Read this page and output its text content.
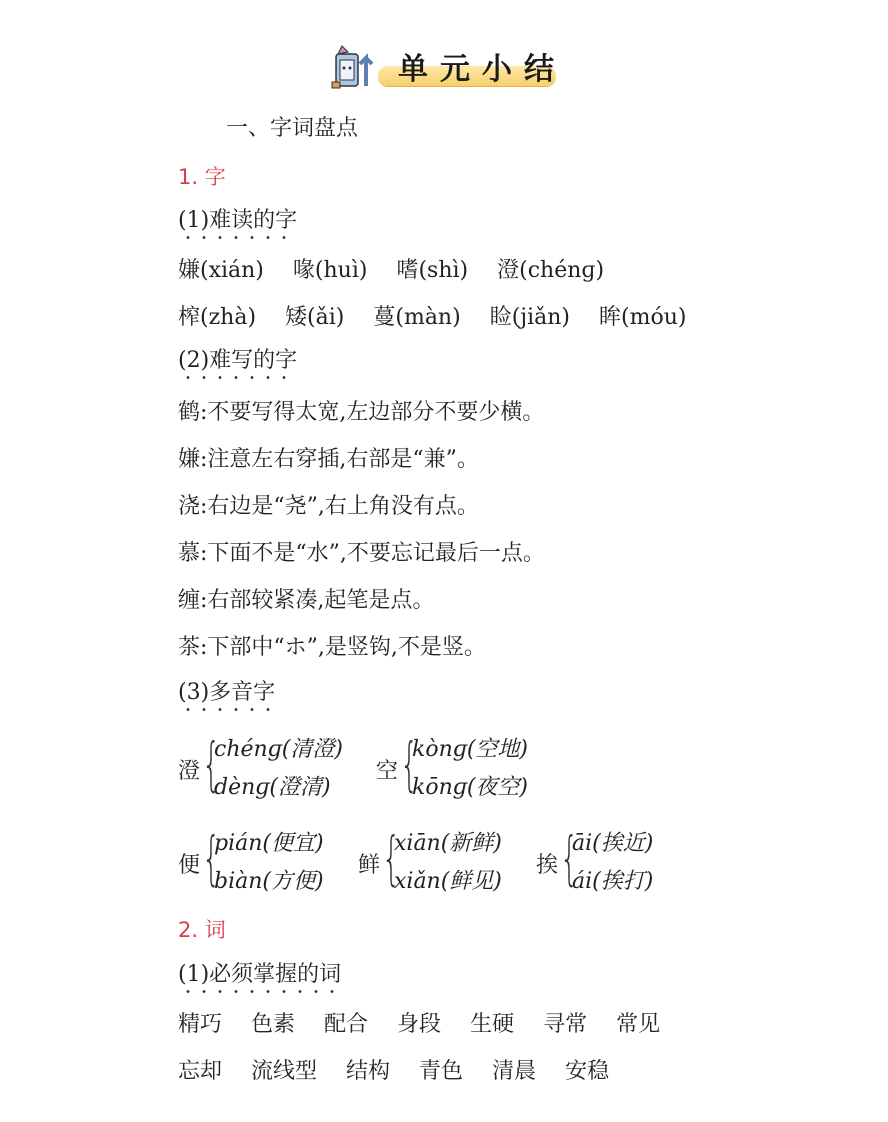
单元小结
一、字词盘点
1. 字
(1)难读的字
嫌(xián) 喙(huì) 嗜(shì) 澄(chénɡ)
榨(zhà) 矮(ǎi) 蔓(màn) 睑(jiǎn) 眸(móu)
(2)难写的字
鹤:不要写得太宽,左边部分不要少横。
嫌:注意左右穿插,右部是“兼”。
浇:右边是“尧”,右上角没有点。
慕:下面不是“水”,不要忘记最后一点。
缠:右部较紧凑,起笔是点。
茶:下部中“ホ”,是竖钩,不是竖。
(3)多音字
澄 {
chénɡ(清澄)
dènɡ(澄清)
空 {
kònɡ(空地)
kōnɡ(夜空)
便 {
pián(便宜)
biàn(方便)
鲜 {
xiān(新鲜)
xiǎn(鲜见)
挨 {
āi(挨近)
ái(挨打)
2. 词
(1)必须掌握的词
精巧 色素 配合 身段 生硬 寻常 常见
忘却 流线型 结构 青色 清晨 安稳
